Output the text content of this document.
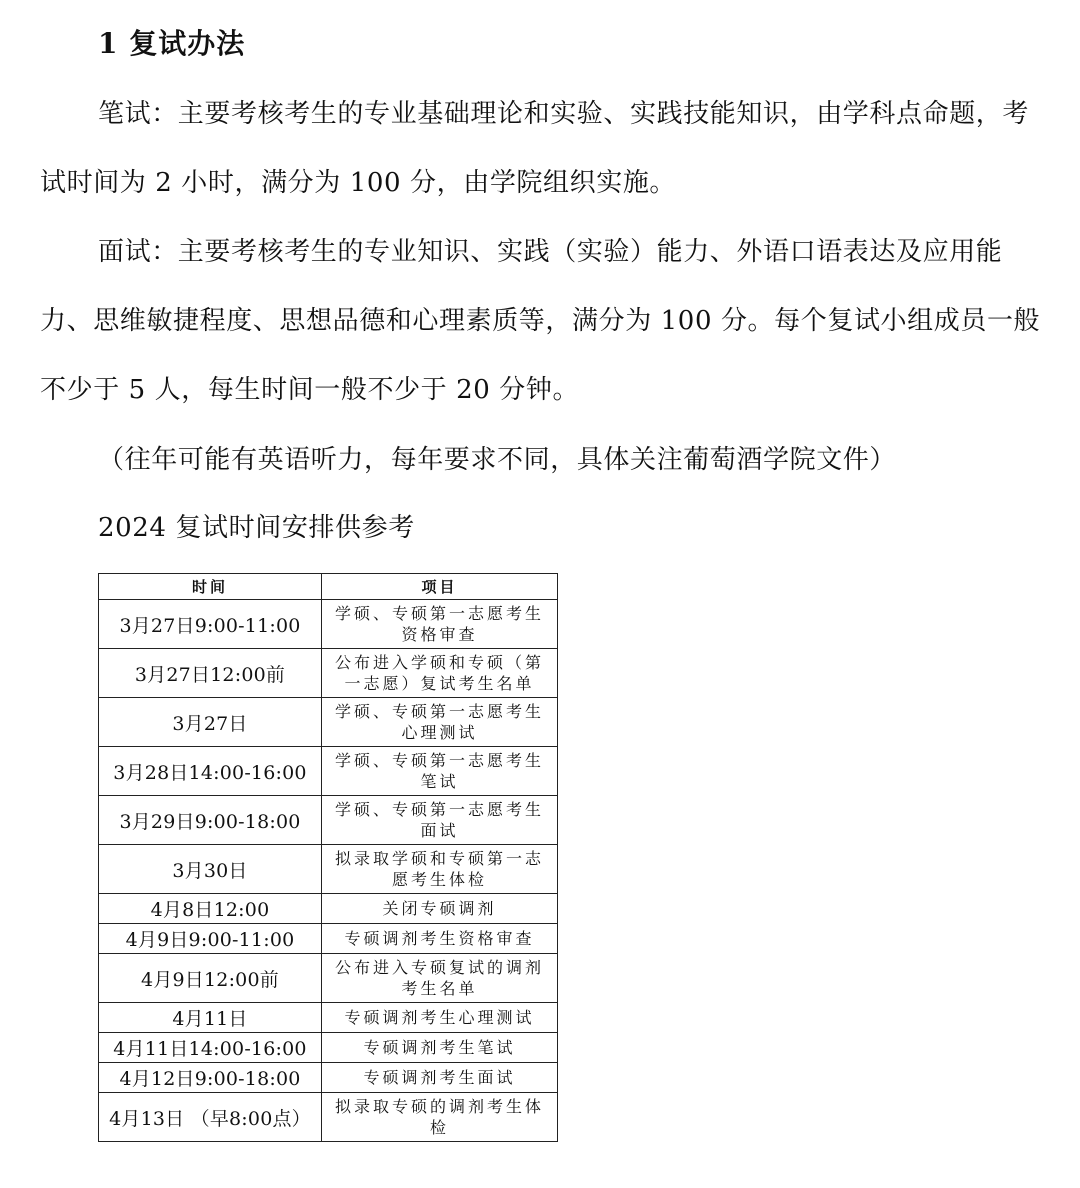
1 复试办法

笔试：主要考核考生的专业基础理论和实验、实践技能知识，由学科点命题，考试时间为 2 小时，满分为 100 分，由学院组织实施。

面试：主要考核考生的专业知识、实践（实验）能力、外语口语表达及应用能力、思维敏捷程度、思想品德和心理素质等，满分为 100 分。每个复试小组成员一般不少于 5 人，每生时间一般不少于 20 分钟。

（往年可能有英语听力，每年要求不同，具体关注葡萄酒学院文件）
2024 复试时间安排供参考
时间	项目
3月27日9:00-11:00	学硕、专硕第一志愿考生资格审查
3月27日12:00前	公布进入学硕和专硕（第一志愿）复试考生名单
3月27日	学硕、专硕第一志愿考生心理测试
3月28日14:00-16:00	学硕、专硕第一志愿考生笔试
3月29日9:00-18:00	学硕、专硕第一志愿考生面试
3月30日	拟录取学硕和专硕第一志愿考生体检
4月8日12:00	关闭专硕调剂
4月9日9:00-11:00	专硕调剂考生资格审查
4月9日12:00前	公布进入专硕复试的调剂考生名单
4月11日	专硕调剂考生心理测试
4月11日14:00-16:00	专硕调剂考生笔试
4月12日9:00-18:00	专硕调剂考生面试
4月13日 （早8:00点）	拟录取专硕的调剂考生体检
